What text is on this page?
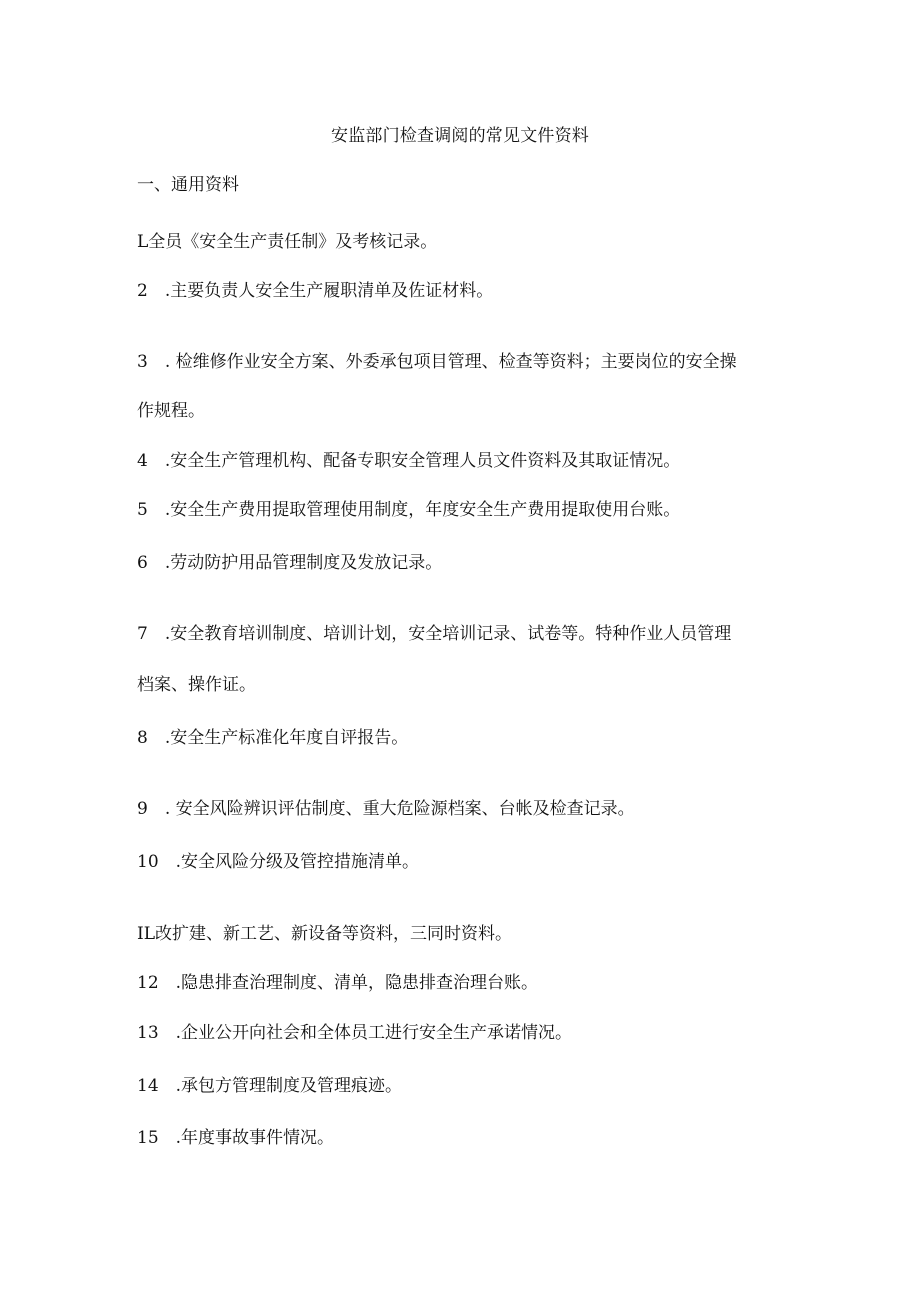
安监部门检查调阅的常见文件资料
一、通用资料
L全员《安全生产责任制》及考核记录。
2　.主要负责人安全生产履职清单及佐证材料。
3　. 检维修作业安全方案、外委承包项目管理、检查等资料；主要岗位的安全操
作规程。
4　.安全生产管理机构、配备专职安全管理人员文件资料及其取证情况。
5　.安全生产费用提取管理使用制度，年度安全生产费用提取使用台账。
6　.劳动防护用品管理制度及发放记录。
7　.安全教育培训制度、培训计划，安全培训记录、试卷等。特种作业人员管理
档案、操作证。
8　.安全生产标准化年度自评报告。
9　. 安全风险辨识评估制度、重大危险源档案、台帐及检查记录。
10　.安全风险分级及管控措施清单。
IL改扩建、新工艺、新设备等资料，三同时资料。
12　.隐患排查治理制度、清单，隐患排查治理台账。
13　.企业公开向社会和全体员工进行安全生产承诺情况。
14　.承包方管理制度及管理痕迹。
15　.年度事故事件情况。
